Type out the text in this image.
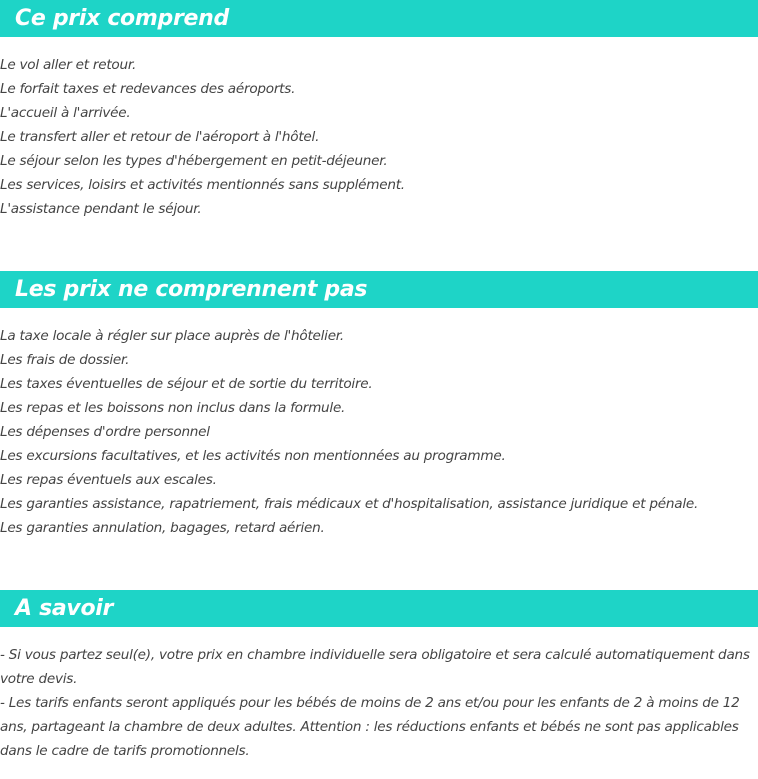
Ce prix comprend
Le vol aller et retour.
Le forfait taxes et redevances des aéroports.
L'accueil à l'arrivée.
Le transfert aller et retour de l'aéroport à l'hôtel.
Le séjour selon les types d'hébergement en petit-déjeuner.
Les services, loisirs et activités mentionnés sans supplément.
L'assistance pendant le séjour.
Les prix ne comprennent pas
La taxe locale à régler sur place auprès de l'hôtelier.
Les frais de dossier.
Les taxes éventuelles de séjour et de sortie du territoire.
Les repas et les boissons non inclus dans la formule.
Les dépenses d'ordre personnel
Les excursions facultatives, et les activités non mentionnées au programme.
Les repas éventuels aux escales.
Les garanties assistance, rapatriement, frais médicaux et d'hospitalisation, assistance juridique et pénale.
Les garanties annulation, bagages, retard aérien.
A savoir

- Si vous partez seul(e), votre prix en chambre individuelle sera obligatoire et sera calculé automatiquement dans votre devis.

- Les tarifs enfants seront appliqués pour les bébés de moins de 2 ans et/ou pour les enfants de 2 à moins de 12 ans, partageant la chambre de deux adultes. Attention : les réductions enfants et bébés ne sont pas applicables dans le cadre de tarifs promotionnels.
